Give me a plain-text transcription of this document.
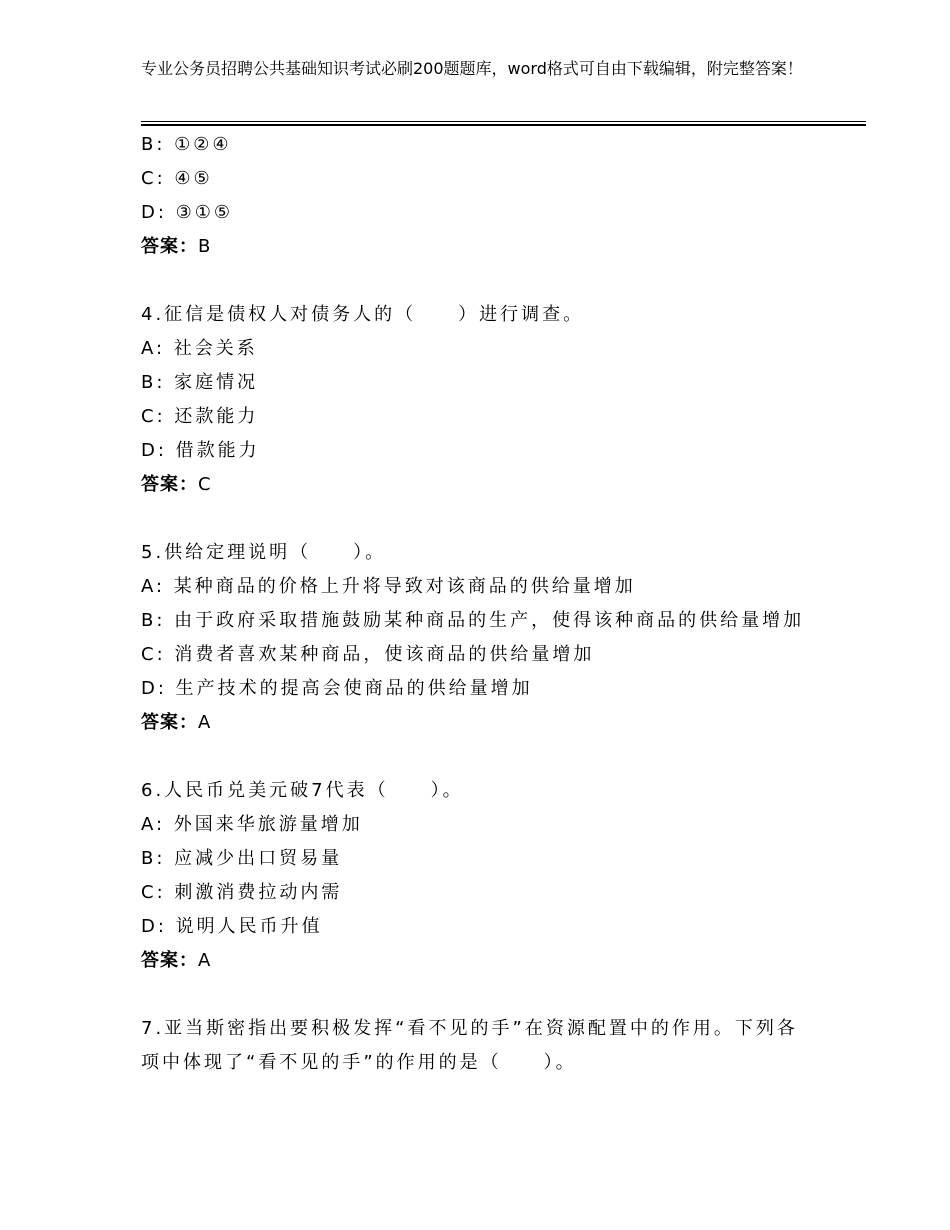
专业公务员招聘公共基础知识考试必刷200题题库，word格式可自由下载编辑，附完整答案！
B: ①②④
C: ④⑤
D: ③①⑤
答案：B
4.征信是债权人对债务人的（　　）进行调查。
A: 社会关系
B: 家庭情况
C: 还款能力
D: 借款能力
答案：C
5.供给定理说明（　　）。
A: 某种商品的价格上升将导致对该商品的供给量增加
B: 由于政府采取措施鼓励某种商品的生产，使得该种商品的供给量增加
C: 消费者喜欢某种商品，使该商品的供给量增加
D: 生产技术的提高会使商品的供给量增加
答案：A
6.人民币兑美元破7代表（　　）。
A: 外国来华旅游量增加
B: 应减少出口贸易量
C: 刺激消费拉动内需
D: 说明人民币升值
答案：A
7.亚当斯密指出要积极发挥“看不见的手”在资源配置中的作用。下列各项中体现了“看不见的手”的作用的是（　　）。
